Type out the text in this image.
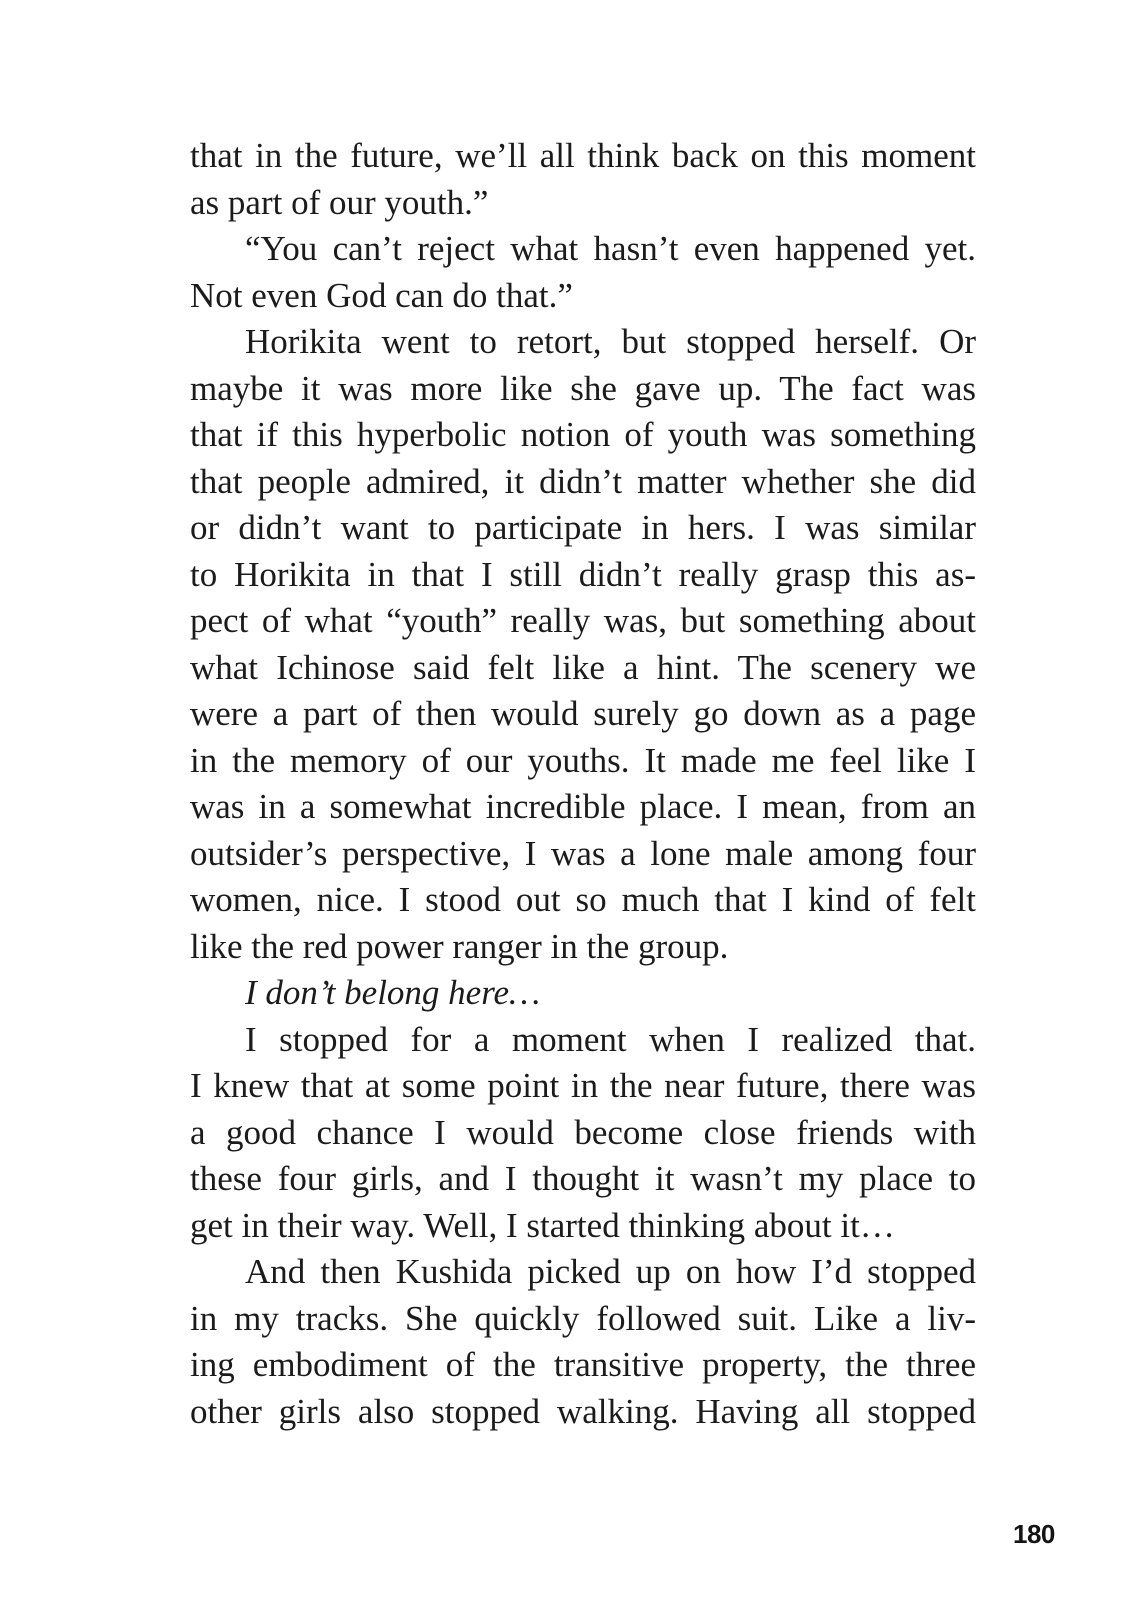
that in the future, we’ll all think back on this moment
as part of our youth.”
“You can’t reject what hasn’t even happened yet.
Not even God can do that.”
Horikita went to retort, but stopped herself. Or
maybe it was more like she gave up. The fact was
that if this hyperbolic notion of youth was something
that people admired, it didn’t matter whether she did
or didn’t want to participate in hers. I was similar
to Horikita in that I still didn’t really grasp this as-
pect of what “youth” really was, but something about
what Ichinose said felt like a hint. The scenery we
were a part of then would surely go down as a page
in the memory of our youths. It made me feel like I
was in a somewhat incredible place. I mean, from an
outsider’s perspective, I was a lone male among four
women, nice. I stood out so much that I kind of felt
like the red power ranger in the group.
I don’t belong here…
I stopped for a moment when I realized that.
I knew that at some point in the near future, there was
a good chance I would become close friends with
these four girls, and I thought it wasn’t my place to
get in their way. Well, I started thinking about it…
And then Kushida picked up on how I’d stopped
in my tracks. She quickly followed suit. Like a liv-
ing embodiment of the transitive property, the three
other girls also stopped walking. Having all stopped
180
